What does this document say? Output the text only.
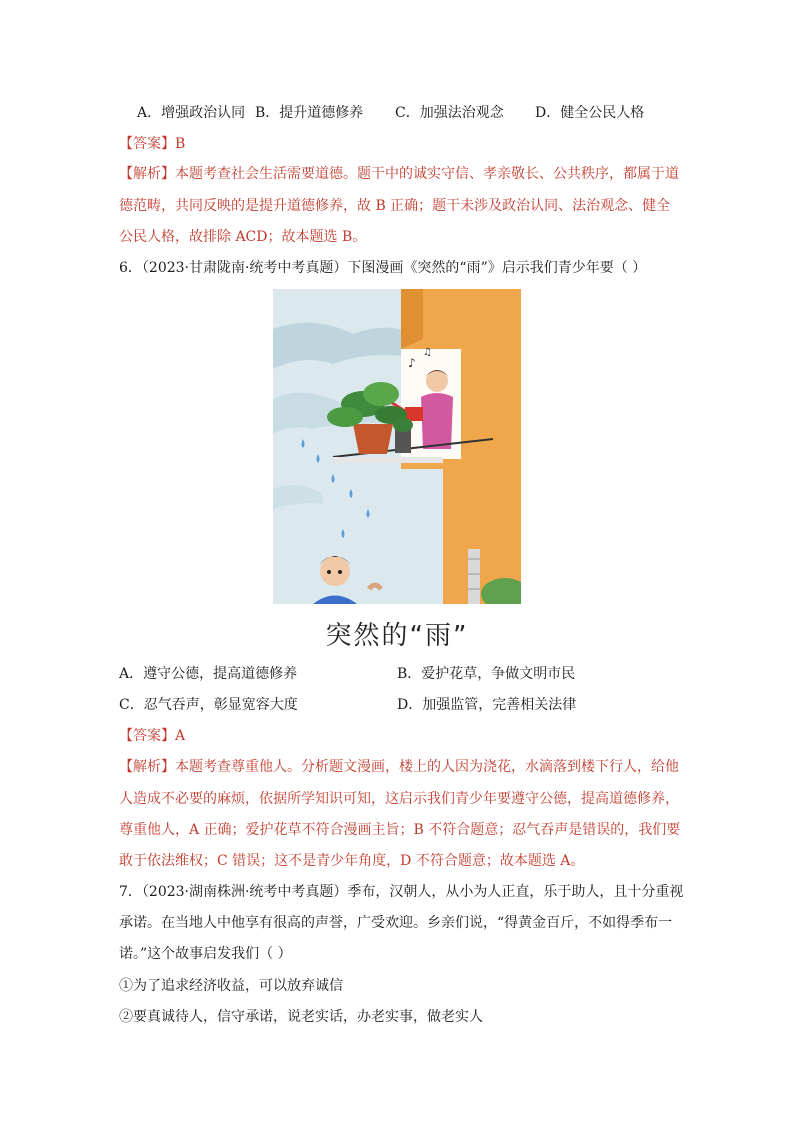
A．增强政治认同 B．提升道德修养 C．加强法治观念 D．健全公民人格
【答案】B
【解析】本题考查社会生活需要道德。题干中的诚实守信、孝亲敬长、公共秩序，都属于道
德范畴，共同反映的是提升道德修养，故 B 正确；题干未涉及政治认同、法治观念、健全
公民人格，故排除 ACD；故本题选 B。
6．（2023·甘肃陇南·统考中考真题）下图漫画《突然的“雨”》启示我们青少年要（ ）
♪
♫
突然的“雨”
A．遵守公德，提高道德修养	B．爱护花草，争做文明市民
C．忍气吞声，彰显宽容大度	D．加强监管，完善相关法律
【答案】A
【解析】本题考查尊重他人。分析题文漫画，楼上的人因为浇花，水滴落到楼下行人，给他
人造成不必要的麻烦，依据所学知识可知，这启示我们青少年要遵守公德，提高道德修养，
尊重他人，A 正确；爱护花草不符合漫画主旨；B 不符合题意；忍气吞声是错误的，我们要
敢于依法维权；C 错误；这不是青少年角度，D 不符合题意；故本题选 A。
7．（2023·湖南株洲·统考中考真题）季布，汉朝人，从小为人正直，乐于助人，且十分重视
承诺。在当地人中他享有很高的声誉，广受欢迎。乡亲们说，“得黄金百斤，不如得季布一
诺。”这个故事启发我们（ ）
①为了追求经济收益，可以放弃诚信
②要真诚待人，信守承诺，说老实话，办老实事，做老实人
